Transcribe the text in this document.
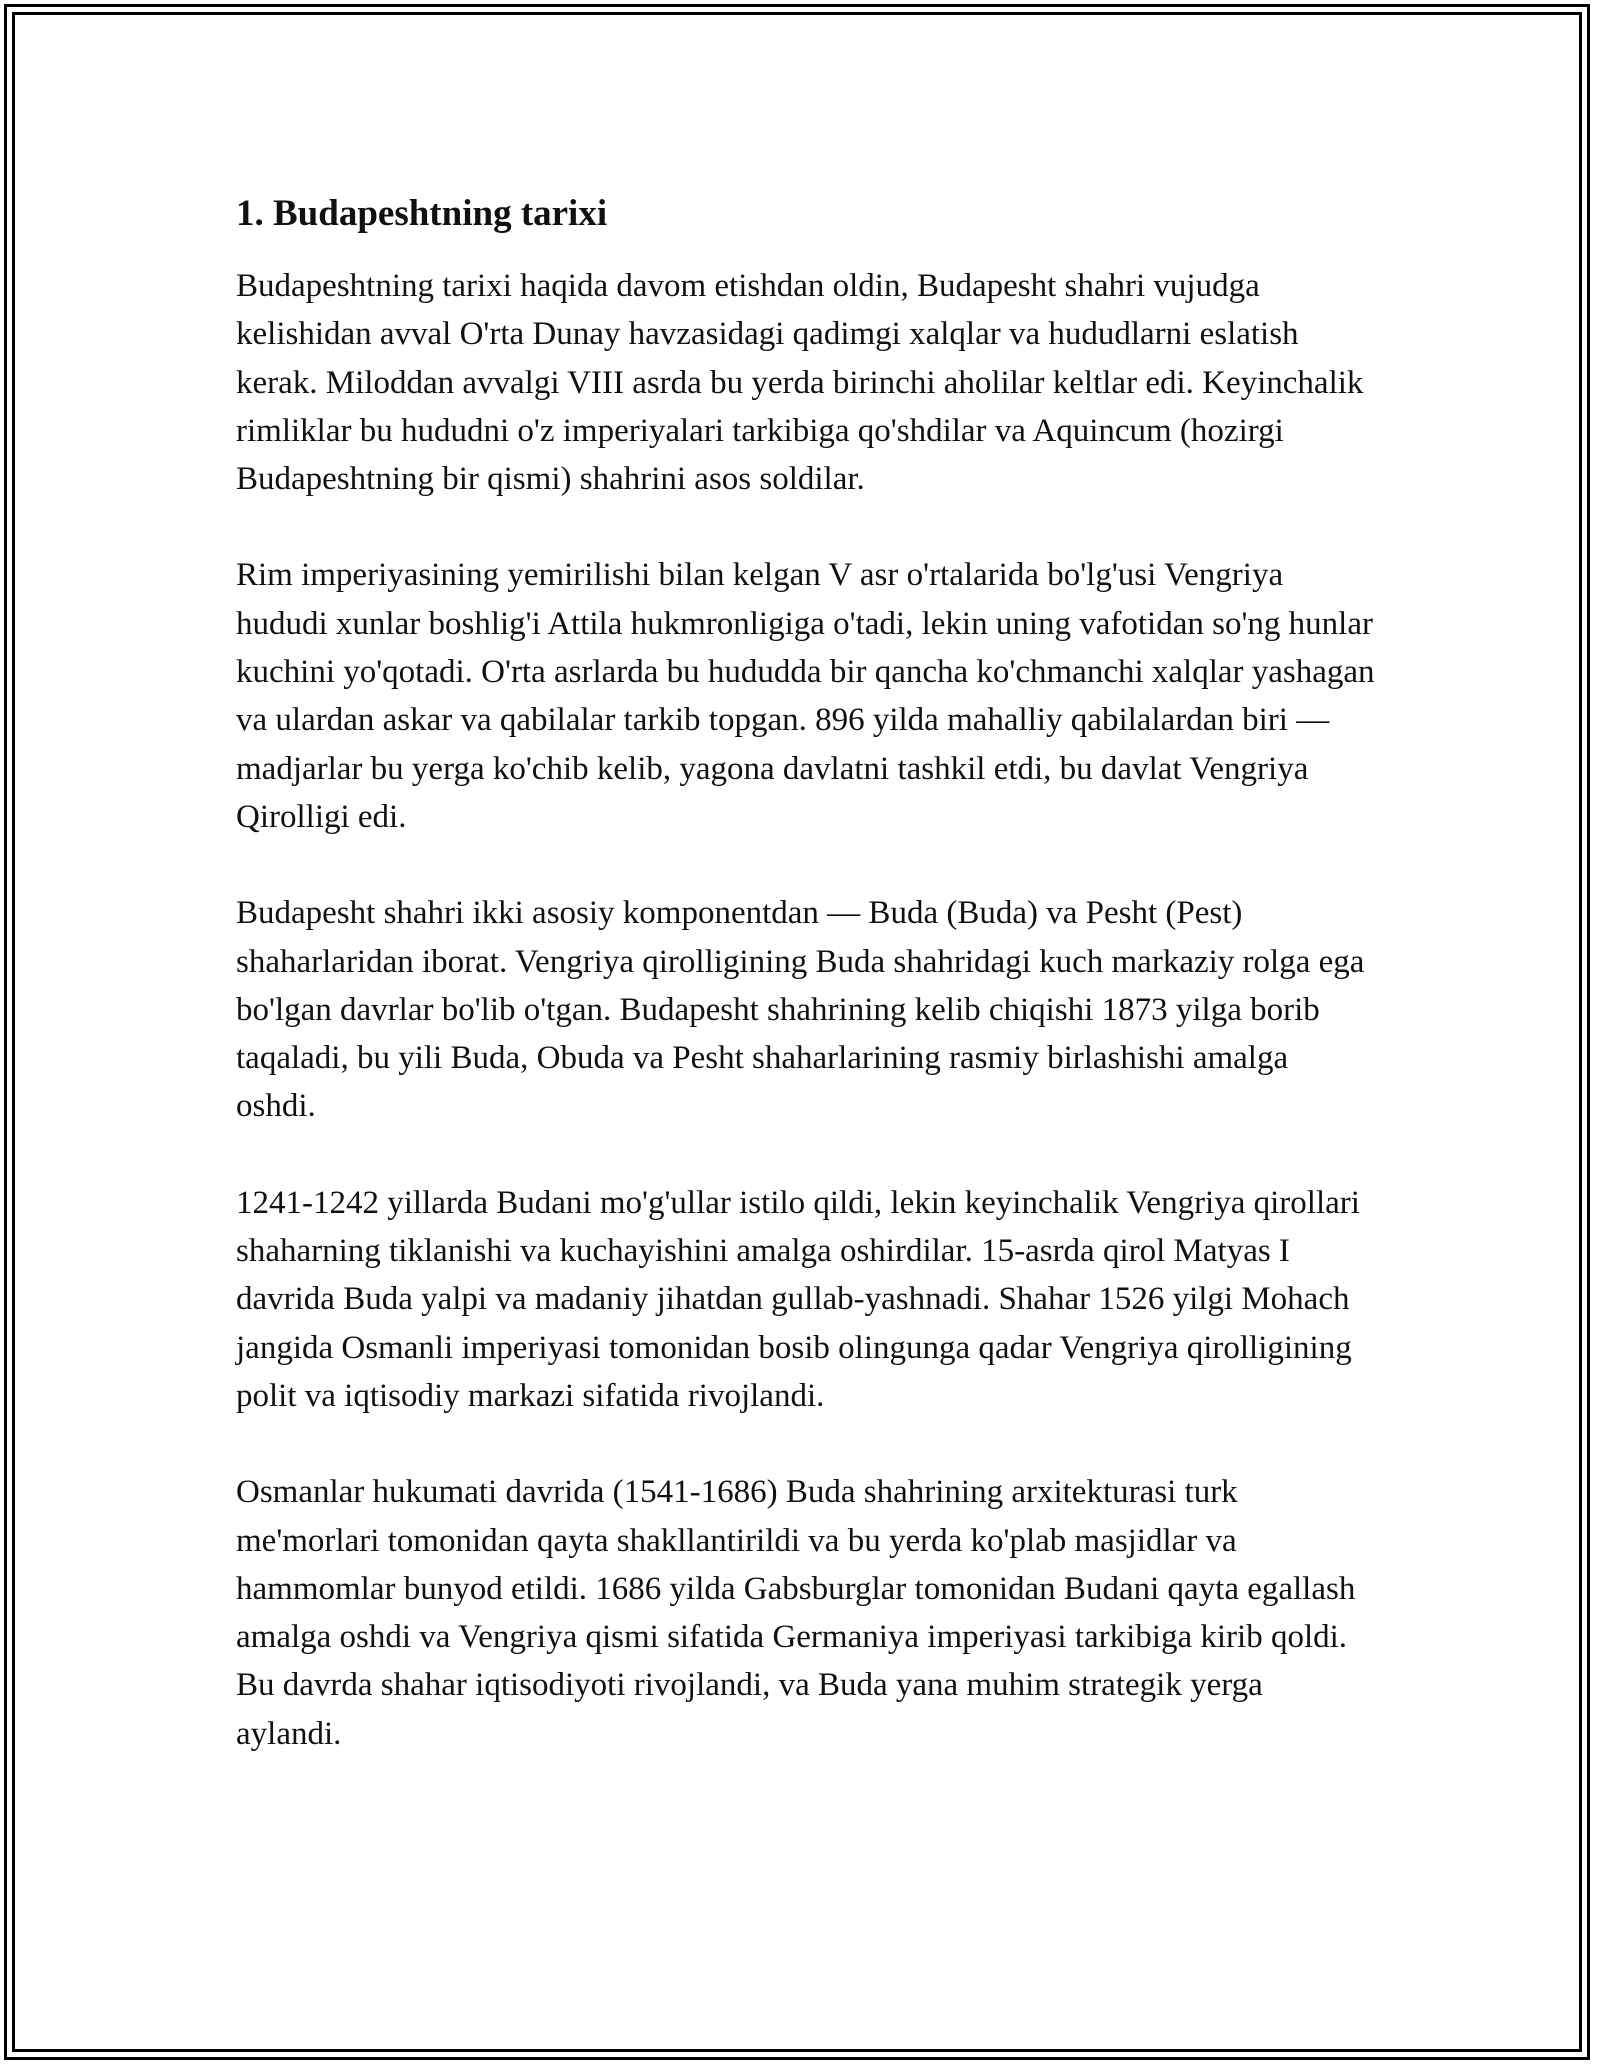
1. Budapeshtning tarixi

Budapeshtning tarixi haqida davom etishdan oldin, Budapesht shahri vujudga kelishidan avval O'rta Dunay havzasidagi qadimgi xalqlar va hududlarni eslatish kerak. Miloddan avvalgi VIII asrda bu yerda birinchi aholilar keltlar edi. Keyinchalik rimliklar bu hududni o'z imperiyalari tarkibiga qo'shdilar va Aquincum (hozirgi Budapeshtning bir qismi) shahrini asos soldilar.

Rim imperiyasining yemirilishi bilan kelgan V asr o'rtalarida bo'lg'usi Vengriya hududi xunlar boshlig'i Attila hukmronligiga o'tadi, lekin uning vafotidan so'ng hunlar kuchini yo'qotadi. O'rta asrlarda bu hududda bir qancha ko'chmanchi xalqlar yashagan va ulardan askar va qabilalar tarkib topgan. 896 yilda mahalliy qabilalardan biri — madjarlar bu yerga ko'chib kelib, yagona davlatni tashkil etdi, bu davlat Vengriya Qirolligi edi.

Budapesht shahri ikki asosiy komponentdan — Buda (Buda) va Pesht (Pest) shaharlaridan iborat. Vengriya qirolligining Buda shahridagi kuch markaziy rolga ega bo'lgan davrlar bo'lib o'tgan. Budapesht shahrining kelib chiqishi 1873 yilga borib taqaladi, bu yili Buda, Obuda va Pesht shaharlarining rasmiy birlashishi amalga oshdi.

1241-1242 yillarda Budani mo'g'ullar istilo qildi, lekin keyinchalik Vengriya qirollari shaharning tiklanishi va kuchayishini amalga oshirdilar. 15-asrda qirol Matyas I davrida Buda yalpi va madaniy jihatdan gullab-yashnadi. Shahar 1526 yilgi Mohach jangida Osmanli imperiyasi tomonidan bosib olingunga qadar Vengriya qirolligining polit va iqtisodiy markazi sifatida rivojlandi.

Osmanlar hukumati davrida (1541-1686) Buda shahrining arxitekturasi turk me'morlari tomonidan qayta shakllantirildi va bu yerda ko'plab masjidlar va hammomlar bunyod etildi. 1686 yilda Gabsburglar tomonidan Budani qayta egallash amalga oshdi va Vengriya qismi sifatida Germaniya imperiyasi tarkibiga kirib qoldi. Bu davrda shahar iqtisodiyoti rivojlandi, va Buda yana muhim strategik yerga aylandi.
